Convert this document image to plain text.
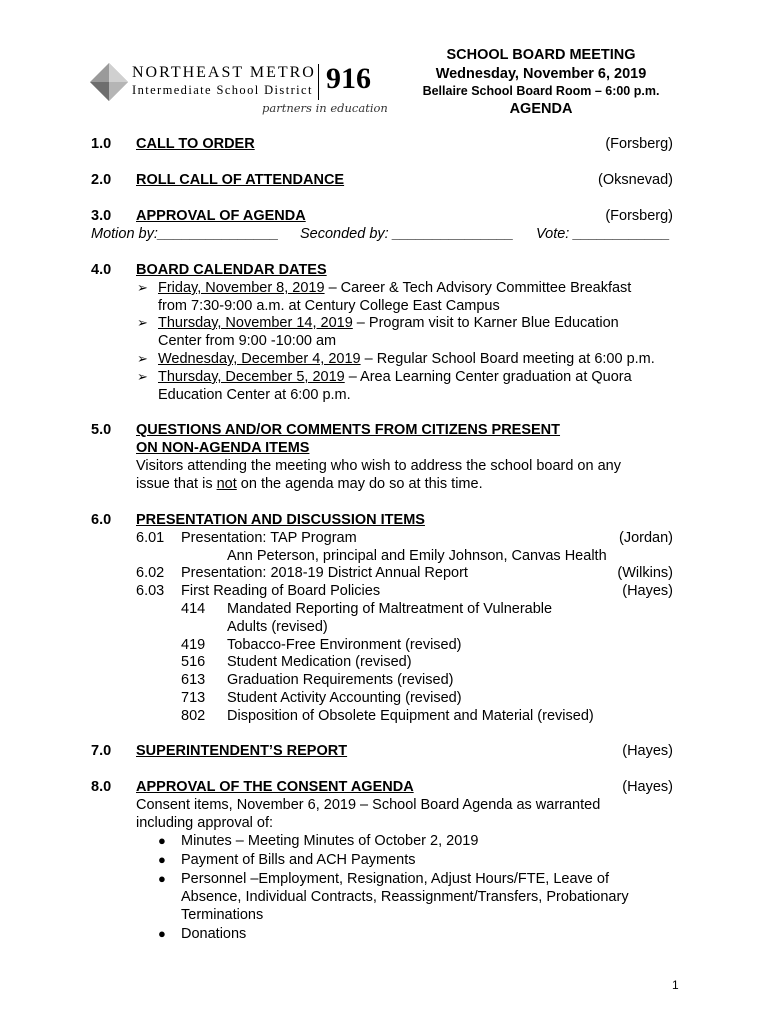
NORTHEAST METRO
Intermediate School District 916
partners in education
SCHOOL BOARD MEETING
Wednesday, November 6, 2019
Bellaire School Board Room – 6:00 p.m.
AGENDA
1.0 CALL TO ORDER	(Forsberg)
2.0 ROLL CALL OF ATTENDANCE	(Oksnevad)
3.0 APPROVAL OF AGENDA	(Forsberg)
Motion by:_______________ Seconded by: _______________ Vote: ____________
4.0 BOARD CALENDAR DATES
➢ Friday, November 8, 2019 – Career & Tech Advisory Committee Breakfast
from 7:30-9:00 a.m. at Century College East Campus
➢ Thursday, November 14, 2019 – Program visit to Karner Blue Education
Center from 9:00 -10:00 am
➢ Wednesday, December 4, 2019 – Regular School Board meeting at 6:00 p.m.
➢ Thursday, December 5, 2019 – Area Learning Center graduation at Quora
Education Center at 6:00 p.m.
5.0 QUESTIONS AND/OR COMMENTS FROM CITIZENS PRESENT
ON NON-AGENDA ITEMS
Visitors attending the meeting who wish to address the school board on any
issue that is not on the agenda may do so at this time.
6.0 PRESENTATION AND DISCUSSION ITEMS
6.01 Presentation: TAP Program	(Jordan)
Ann Peterson, principal and Emily Johnson, Canvas Health
6.02 Presentation: 2018-19 District Annual Report	(Wilkins)
6.03 First Reading of Board Policies	(Hayes)
414 Mandated Reporting of Maltreatment of Vulnerable
Adults (revised)
419 Tobacco-Free Environment (revised)
516 Student Medication (revised)
613 Graduation Requirements (revised)
713 Student Activity Accounting (revised)
802 Disposition of Obsolete Equipment and Material (revised)
7.0 SUPERINTENDENT’S REPORT	(Hayes)
8.0 APPROVAL OF THE CONSENT AGENDA	(Hayes)
Consent items, November 6, 2019 – School Board Agenda as warranted
including approval of:
● Minutes – Meeting Minutes of October 2, 2019
● Payment of Bills and ACH Payments
● Personnel –Employment, Resignation, Adjust Hours/FTE, Leave of
Absence, Individual Contracts, Reassignment/Transfers, Probationary
Terminations
● Donations
1
